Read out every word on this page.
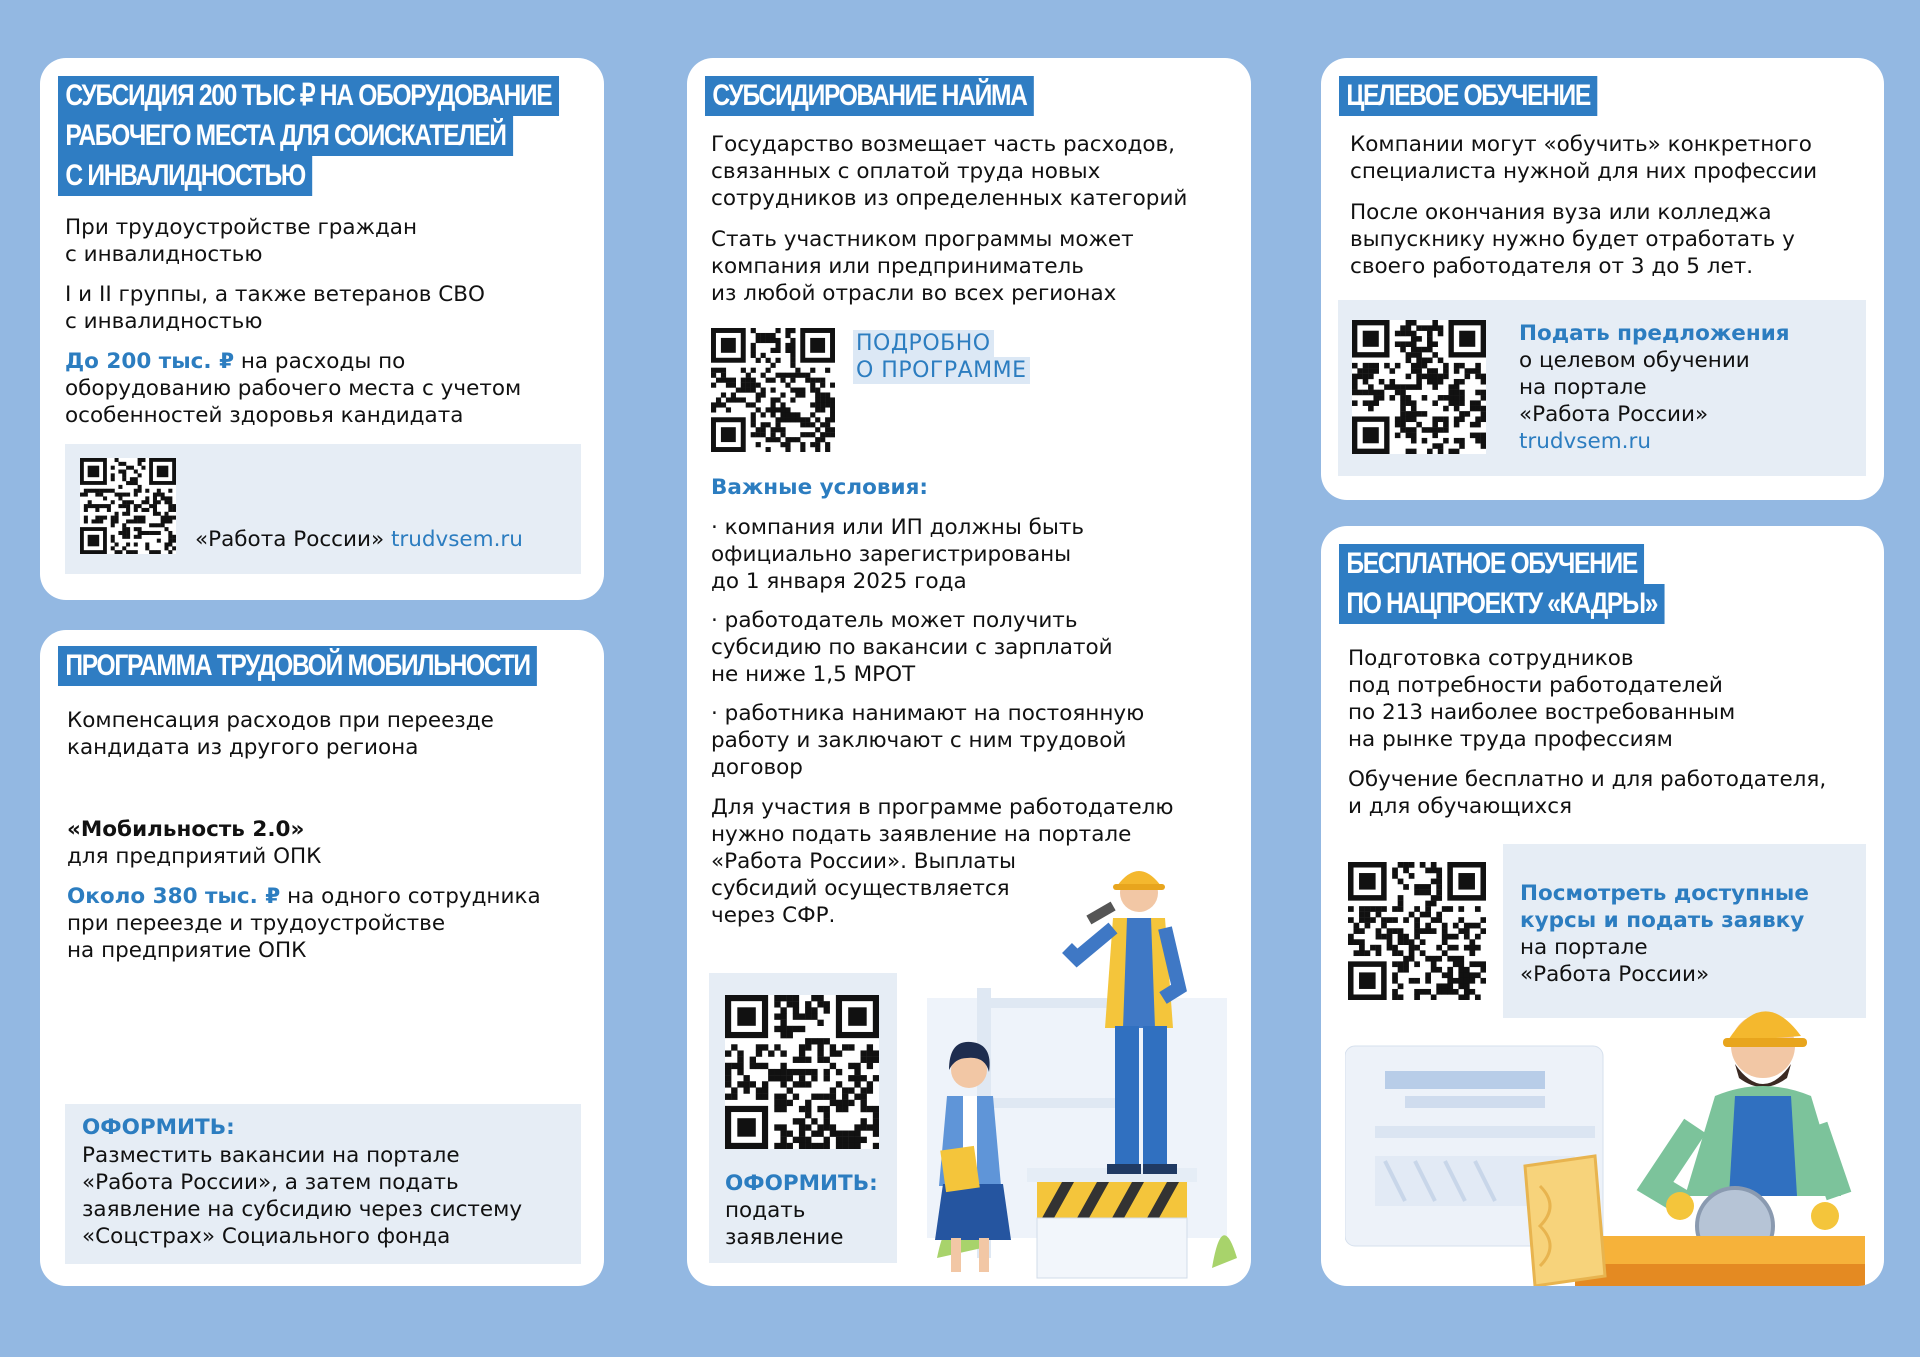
СУБСИДИЯ 200 ТЫС ₽ НА ОБОРУДОВАНИЕ
РАБОЧЕГО МЕСТА ДЛЯ СОИСКАТЕЛЕЙ
С ИНВАЛИДНОСТЬЮ
При трудоустройстве граждан
с инвалидностью
I и II группы, а также ветеранов СВО
с инвалидностью
До 200 тыс. ₽ на расходы по
оборудованию рабочего места с учетом
особенностей здоровья кандидата
«Работа России» trudvsem.ru
ПРОГРАММА ТРУДОВОЙ МОБИЛЬНОСТИ
Компенсация расходов при переезде
кандидата из другого региона
«Мобильность 2.0»
для предприятий ОПК
Около 380 тыс. ₽ на одного сотрудника
при переезде и трудоустройстве
на предприятие ОПК
ОФОРМИТЬ:
Разместить вакансии на портале
«Работа России», а затем подать
заявление на субсидию через систему
«Соцстрах» Социального фонда
СУБСИДИРОВАНИЕ НАЙМА
Государство возмещает часть расходов,
связанных с оплатой труда новых
сотрудников из определенных категорий
Стать участником программы может
компания или предприниматель
из любой отрасли во всех регионах
ПОДРОБНО
О ПРОГРАММЕ
Важные условия:
· компания или ИП должны быть
официально зарегистрированы
до 1 января 2025 года
· работодатель может получить
субсидию по вакансии с зарплатой
не ниже 1,5 МРОТ
· работника нанимают на постоянную
работу и заключают с ним трудовой
договор
Для участия в программе работодателю
нужно подать заявление на портале
«Работа России». Выплаты
субсидий осуществляется
через СФР.
ОФОРМИТЬ:
подать
заявление
ЦЕЛЕВОЕ ОБУЧЕНИЕ
Компании могут «обучить» конкретного
специалиста нужной для них профессии
После окончания вуза или колледжа
выпускнику нужно будет отработать у
своего работодателя от 3 до 5 лет.
Подать предложения
о целевом обучении
на портале
«Работа России»
trudvsem.ru
БЕСПЛАТНОЕ ОБУЧЕНИЕ
ПО НАЦПРОЕКТУ «КАДРЫ»
Подготовка сотрудников
под потребности работодателей
по 213 наиболее востребованным
на рынке труда профессиям
Обучение бесплатно и для работодателя,
и для обучающихся
Посмотреть доступные
курсы и подать заявку
на портале
«Работа России»
